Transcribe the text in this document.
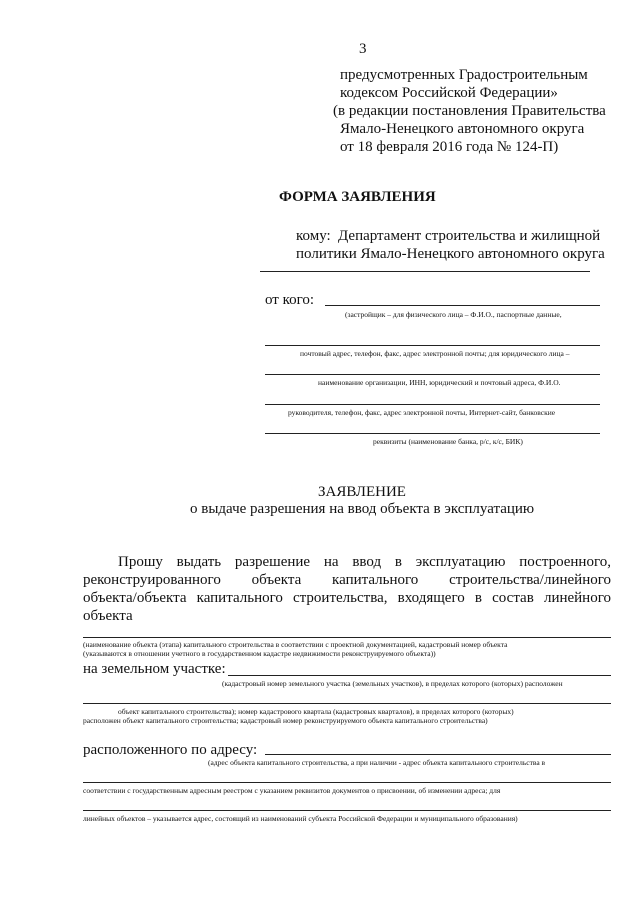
3
предусмотренных Градостроительным
кодексом Российской Федерации»
(в редакции постановления Правительства
Ямало-Ненецкого автономного округа
от 18 февраля 2016 года № 124-П)
ФОРМА ЗАЯВЛЕНИЯ
кому: Департамент строительства и жилищной
политики Ямало-Ненецкого автономного округа
от кого:
(застройщик – для физического лица – Ф.И.О., паспортные данные,
почтовый адрес, телефон, факс, адрес электронной почты; для юридического лица –
наименование организации, ИНН, юридический и почтовый адреса, Ф.И.О.
руководителя, телефон, факс, адрес электронной почты, Интернет-сайт, банковские
реквизиты (наименование банка, р/с, к/с, БИК)
ЗАЯВЛЕНИЕ
о выдаче разрешения на ввод объекта в эксплуатацию
Прошу выдать разрешение на ввод в эксплуатацию построенного,
реконструированного объекта капитального строительства/линейного
объекта/объекта капитального строительства, входящего в состав линейного
объекта
(наименование объекта (этапа) капитального строительства в соответствии с проектной документацией, кадастровый номер объекта
(указываются в отношении учетного в государственном кадастре недвижимости реконструируемого объекта))
на земельном участке:
(кадастровый номер земельного участка (земельных участков), в пределах которого (которых) расположен
объект капитального строительства); номер кадастрового квартала (кадастровых кварталов), в пределах которого (которых)
расположен объект капитального строительства; кадастровый номер реконструируемого объекта капитального строительства)
расположенного по адресу:
(адрес объекта капитального строительства, а при наличии - адрес объекта капитального строительства в
соответствии с государственным адресным реестром с указанием реквизитов документов о присвоении, об изменении адреса; для
линейных объектов – указывается адрес, состоящий из наименований субъекта Российской Федерации и муниципального образования)
